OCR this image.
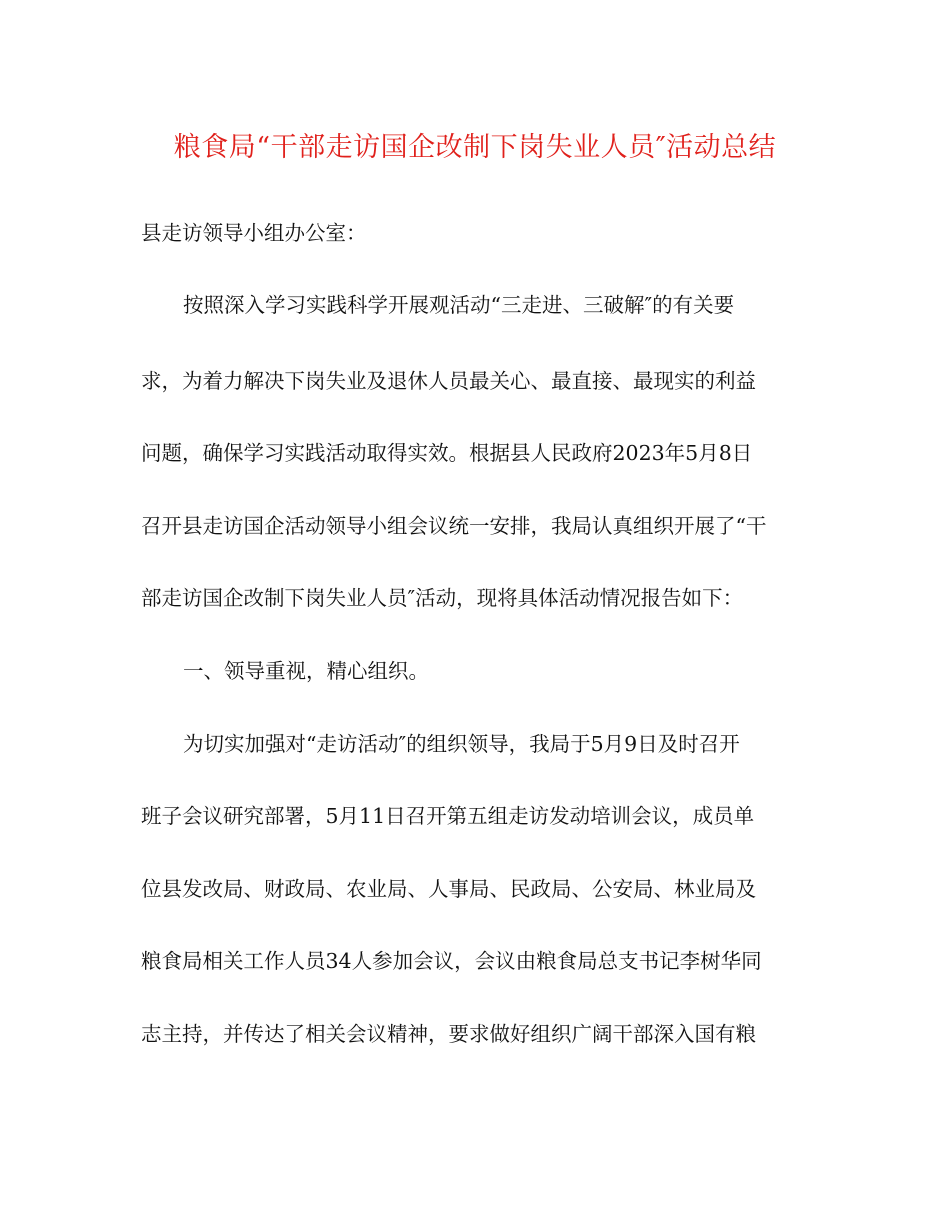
粮食局“干部走访国企改制下岗失业人员″活动总结
县走访领导小组办公室：
按照深入学习实践科学开展观活动“三走进、三破解″的有关要
求，为着力解决下岗失业及退休人员最关心、最直接、最现实的利益
问题，确保学习实践活动取得实效。根据县人民政府2023年5月8日
召开县走访国企活动领导小组会议统一安排，我局认真组织开展了“干
部走访国企改制下岗失业人员″活动，现将具体活动情况报告如下：
一、领导重视，精心组织。
为切实加强对“走访活动″的组织领导，我局于5月9日及时召开
班子会议研究部署，5月11日召开第五组走访发动培训会议，成员单
位县发改局、财政局、农业局、人事局、民政局、公安局、林业局及
粮食局相关工作人员34人参加会议，会议由粮食局总支书记李树华同
志主持，并传达了相关会议精神，要求做好组织广阔干部深入国有粮
